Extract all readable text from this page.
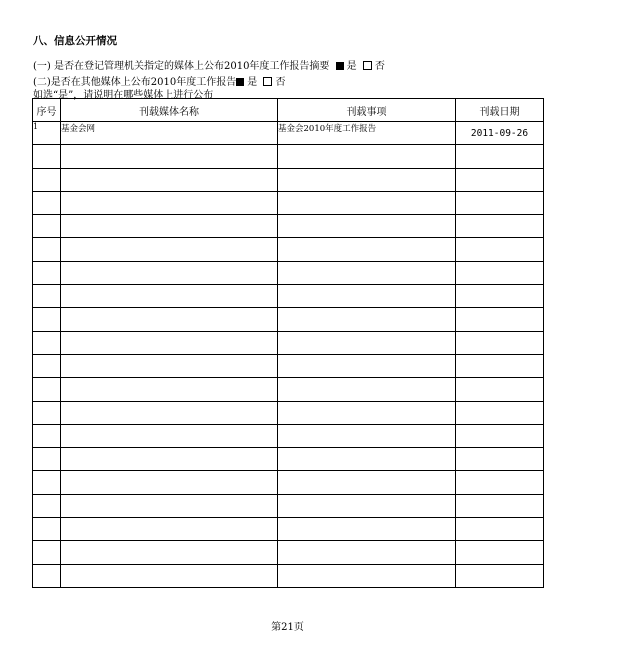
八、信息公开情况
(一) 是否在登记管理机关指定的媒体上公布2010年度工作报告摘要 是 否
(二)是否在其他媒体上公布2010年度工作报告 是 否
如选“是”，请说明在哪些媒体上进行公布
序号	刊载媒体名称	刊载事项	刊载日期
1	基金会网	基金会2010年度工作报告	2011-09-26

第21页
